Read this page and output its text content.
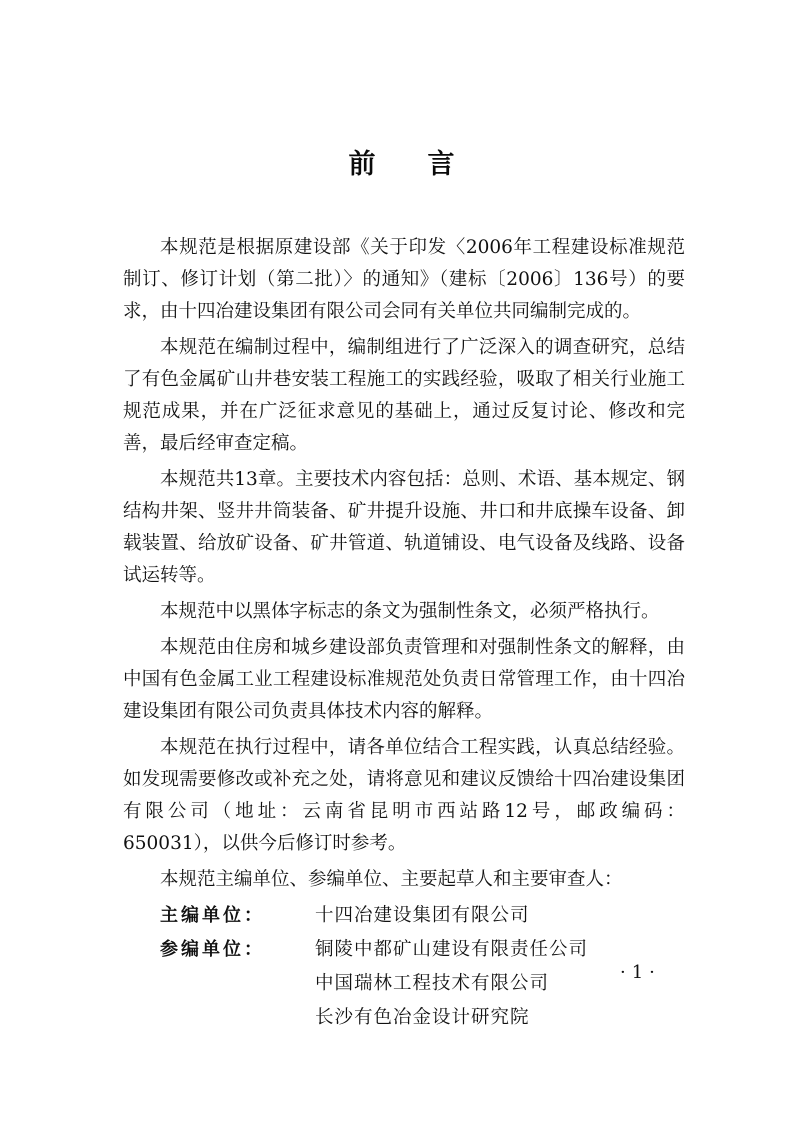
前言

本规范是根据原建设部《关于印发〈2006年工程建设标准规范制订、修订计划（第二批）〉的通知》（建标〔2006〕136号）的要求，由十四冶建设集团有限公司会同有关单位共同编制完成的。

本规范在编制过程中，编制组进行了广泛深入的调查研究，总结了有色金属矿山井巷安装工程施工的实践经验，吸取了相关行业施工规范成果，并在广泛征求意见的基础上，通过反复讨论、修改和完善，最后经审查定稿。

本规范共13章。主要技术内容包括：总则、术语、基本规定、钢结构井架、竖井井筒装备、矿井提升设施、井口和井底操车设备、卸载装置、给放矿设备、矿井管道、轨道铺设、电气设备及线路、设备试运转等。

本规范中以黑体字标志的条文为强制性条文，必须严格执行。

本规范由住房和城乡建设部负责管理和对强制性条文的解释，由中国有色金属工业工程建设标准规范处负责日常管理工作，由十四冶建设集团有限公司负责具体技术内容的解释。

本规范在执行过程中，请各单位结合工程实践，认真总结经验。如发现需要修改或补充之处，请将意见和建议反馈给十四冶建设集团有限公司（地址：云南省昆明市西站路12号，邮政编码：650031），以供今后修订时参考。

本规范主编单位、参编单位、主要起草人和主要审查人：

主编单位：	十四冶建设集团有限公司
参编单位：	铜陵中都矿山建设有限责任公司
中国瑞林工程技术有限公司
长沙有色冶金设计研究院
·1·
